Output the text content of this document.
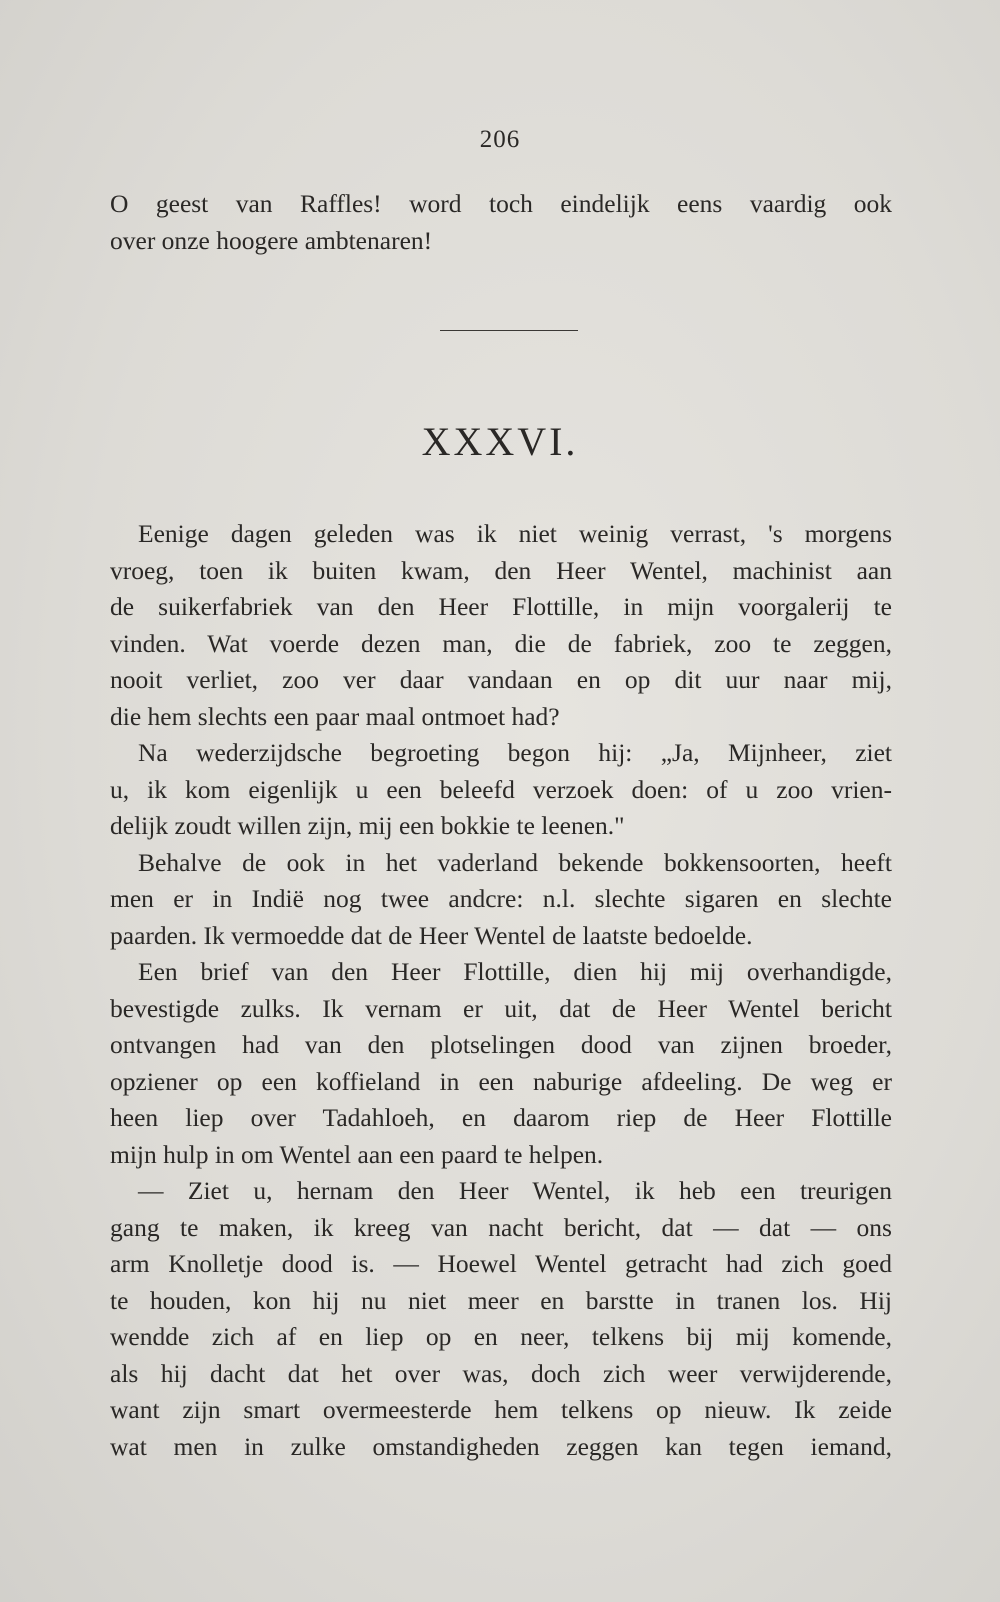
206
O geest van Raffles! word toch eindelijk eens vaardig ook
over onze hoogere ambtenaren!
XXXVI.

Eenige dagen geleden was ik niet weinig verrast, 's morgens
vroeg, toen ik buiten kwam, den Heer Wentel, machinist aan
de suikerfabriek van den Heer Flottille, in mijn voorgalerij te
vinden. Wat voerde dezen man, die de fabriek, zoo te zeggen,
nooit verliet, zoo ver daar vandaan en op dit uur naar mij,
die hem slechts een paar maal ontmoet had?

Na wederzijdsche begroeting begon hij: „Ja, Mijnheer, ziet
u, ik kom eigenlijk u een beleefd verzoek doen: of u zoo vrien-
delijk zoudt willen zijn, mij een bokkie te leenen."

Behalve de ook in het vaderland bekende bokkensoorten, heeft
men er in Indië nog twee andcre: n.l. slechte sigaren en slechte
paarden. Ik vermoedde dat de Heer Wentel de laatste bedoelde.

Een brief van den Heer Flottille, dien hij mij overhandigde,
bevestigde zulks. Ik vernam er uit, dat de Heer Wentel bericht
ontvangen had van den plotselingen dood van zijnen broeder,
opziener op een koffieland in een naburige afdeeling. De weg er
heen liep over Tadahloeh, en daarom riep de Heer Flottille
mijn hulp in om Wentel aan een paard te helpen.

— Ziet u, hernam den Heer Wentel, ik heb een treurigen
gang te maken, ik kreeg van nacht bericht, dat — dat — ons
arm Knolletje dood is. — Hoewel Wentel getracht had zich goed
te houden, kon hij nu niet meer en barstte in tranen los. Hij
wendde zich af en liep op en neer, telkens bij mij komende,
als hij dacht dat het over was, doch zich weer verwijderende,
want zijn smart overmeesterde hem telkens op nieuw. Ik zeide
wat men in zulke omstandigheden zeggen kan tegen iemand,
